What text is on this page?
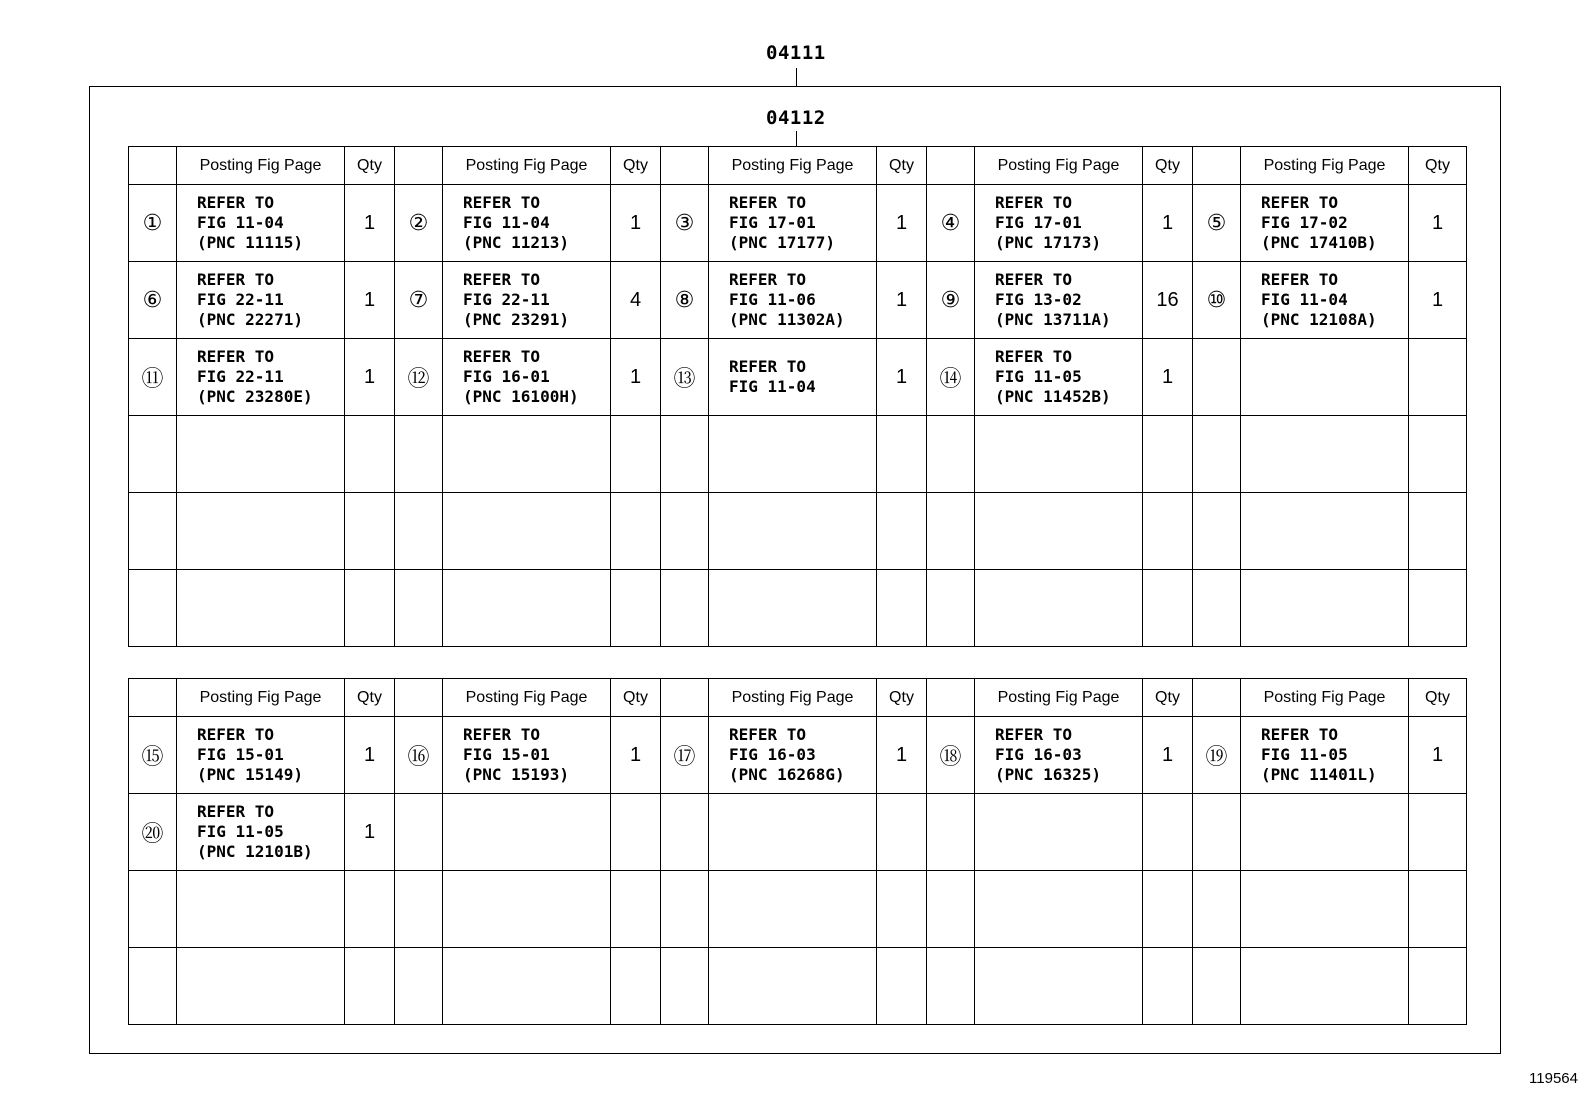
04111
04112
	Posting Fig Page	Qty		Posting Fig Page	Qty		Posting Fig Page	Qty		Posting Fig Page	Qty		Posting Fig Page	Qty
①	REFER TO
FIG 11-04
(PNC 11115)	1	②	REFER TO
FIG 11-04
(PNC 11213)	1	③	REFER TO
FIG 17-01
(PNC 17177)	1	④	REFER TO
FIG 17-01
(PNC 17173)	1	⑤	REFER TO
FIG 17-02
(PNC 17410B)	1
⑥	REFER TO
FIG 22-11
(PNC 22271)	1	⑦	REFER TO
FIG 22-11
(PNC 23291)	4	⑧	REFER TO
FIG 11-06
(PNC 11302A)	1	⑨	REFER TO
FIG 13-02
(PNC 13711A)	16	⑩	REFER TO
FIG 11-04
(PNC 12108A)	1
⑪	REFER TO
FIG 22-11
(PNC 23280E)	1	⑫	REFER TO
FIG 16-01
(PNC 16100H)	1	⑬	REFER TO
FIG 11-04	1	⑭	REFER TO
FIG 11-05
(PNC 11452B)	1		

	Posting Fig Page	Qty		Posting Fig Page	Qty		Posting Fig Page	Qty		Posting Fig Page	Qty		Posting Fig Page	Qty
⑮	REFER TO
FIG 15-01
(PNC 15149)	1	⑯	REFER TO
FIG 15-01
(PNC 15193)	1	⑰	REFER TO
FIG 16-03
(PNC 16268G)	1	⑱	REFER TO
FIG 16-03
(PNC 16325)	1	⑲	REFER TO
FIG 11-05
(PNC 11401L)	1
⑳	REFER TO
FIG 11-05
(PNC 12101B)	1		

119564
